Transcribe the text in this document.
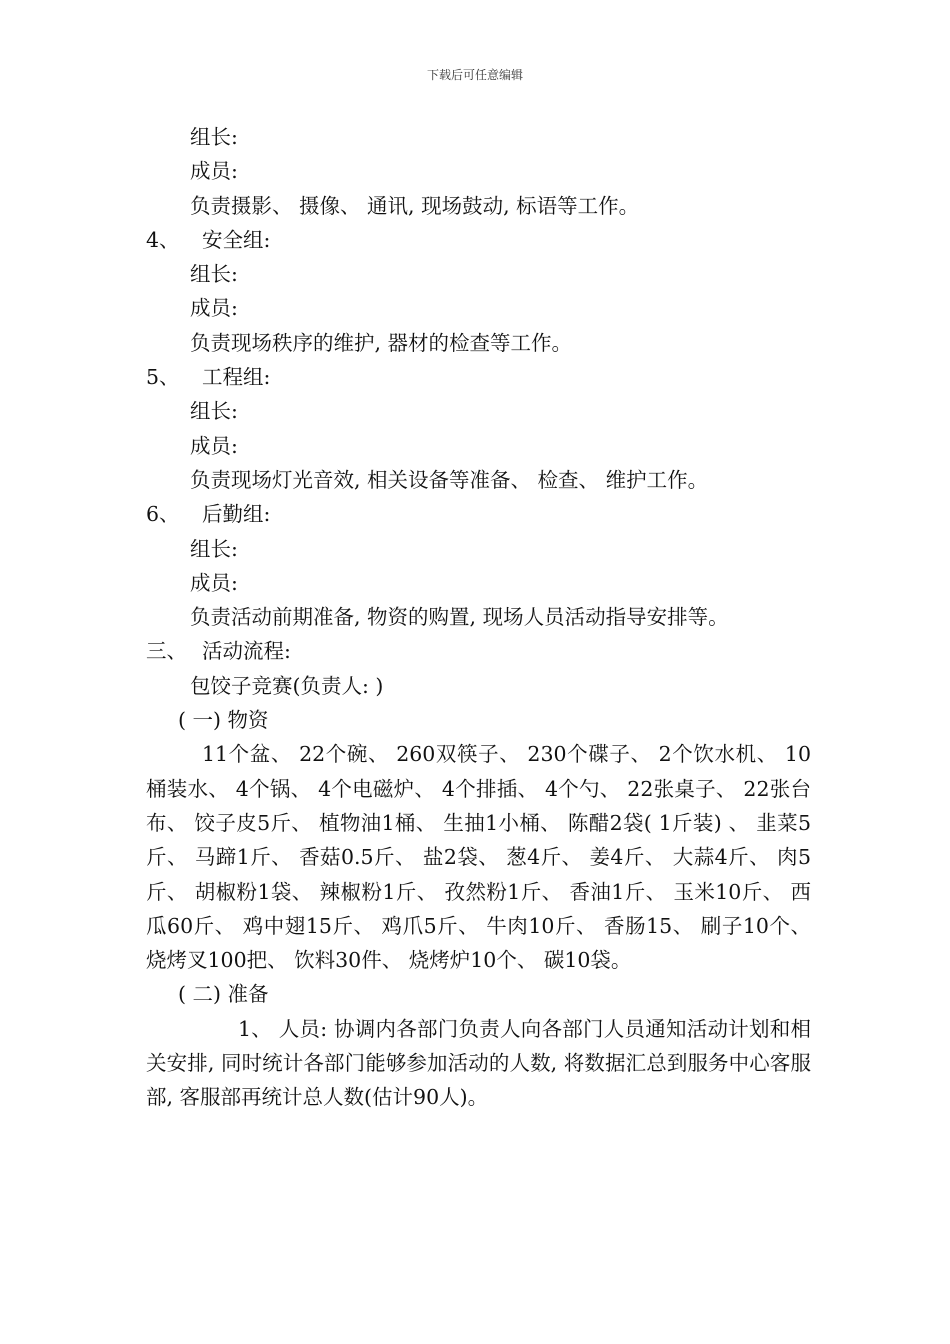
下载后可任意编辑
组长:
成员:
负责摄影、 摄像、 通讯, 现场鼓动, 标语等工作。
4、 安全组:
组长:
成员:
负责现场秩序的维护, 器材的检查等工作。
5、 工程组:
组长:
成员:
负责现场灯光音效, 相关设备等准备、 检查、 维护工作。
6、 后勤组:
组长:
成员:
负责活动前期准备, 物资的购置, 现场人员活动指导安排等。
三、 活动流程:
包饺子竞赛(负责人: )
( 一) 物资
11个盆、 22个碗、 260双筷子、 230个碟子、 2个饮水机、 10桶装水、 4个锅、 4个电磁炉、 4个排插、 4个勺、 22张桌子、 22张台布、 饺子皮5斤、 植物油1桶、 生抽1小桶、 陈醋2袋( 1斤装) 、 韭菜5斤、 马蹄1斤、 香菇0.5斤、 盐2袋、 葱4斤、 姜4斤、 大蒜4斤、 肉5斤、 胡椒粉1袋、 辣椒粉1斤、 孜然粉1斤、 香油1斤、 玉米10斤、 西瓜60斤、 鸡中翅15斤、 鸡爪5斤、 牛肉10斤、 香肠15、 刷子10个、 烧烤叉100把、 饮料30件、 烧烤炉10个、 碳10袋。
( 二) 准备
1、 人员: 协调内各部门负责人向各部门人员通知活动计划和相关安排, 同时统计各部门能够参加活动的人数, 将数据汇总到服务中心客服部, 客服部再统计总人数(估计90人)。
